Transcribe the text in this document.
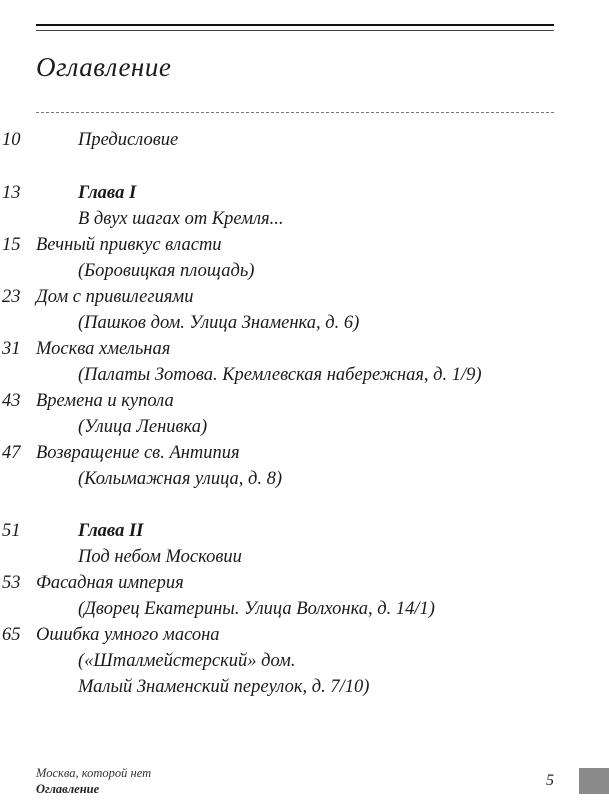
Оглавление
10	Предисловие
13	Глава I
В двух шагах от Кремля...
15 Вечный привкус власти
(Боровицкая площадь)
23 Дом с привилегиями
(Пашков дом. Улица Знаменка, д. 6)
31 Москва хмельная
(Палаты Зотова. Кремлевская набережная, д. 1/9)
43 Времена и купола
(Улица Ленивка)
47 Возвращение св. Антипия
(Колымажная улица, д. 8)
51	Глава II
Под небом Московии
53 Фасадная империя
(Дворец Екатерины. Улица Волхонка, д. 14/1)
65 Ошибка умного масона
(«Шталмейстерский» дом.
Малый Знаменский переулок, д. 7/10)
Москва, которой нет
Оглавление	5
